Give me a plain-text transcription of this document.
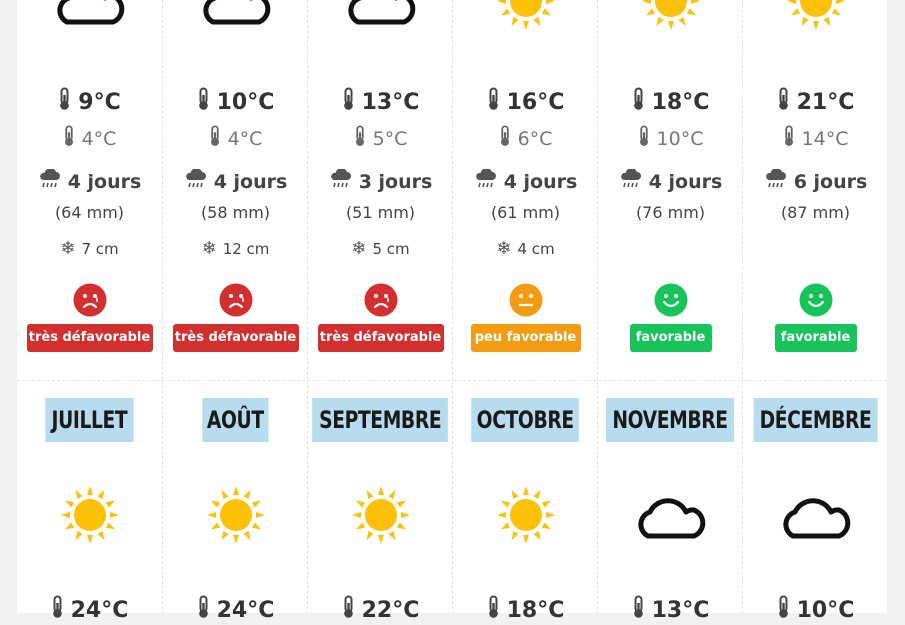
9°C
4°C
4 jours
(64 mm)
❄ 7 cm
très défavorable
10°C
4°C
4 jours
(58 mm)
❄ 12 cm
très défavorable
13°C
5°C
3 jours
(51 mm)
❄ 5 cm
très défavorable
16°C
6°C
4 jours
(61 mm)
❄ 4 cm
peu favorable
18°C
10°C
4 jours
(76 mm)
favorable
21°C
14°C
6 jours
(87 mm)
favorable
JUILLET
24°C
AOÛT
24°C
SEPTEMBRE
22°C
OCTOBRE
18°C
NOVEMBRE
13°C
DÉCEMBRE
10°C
